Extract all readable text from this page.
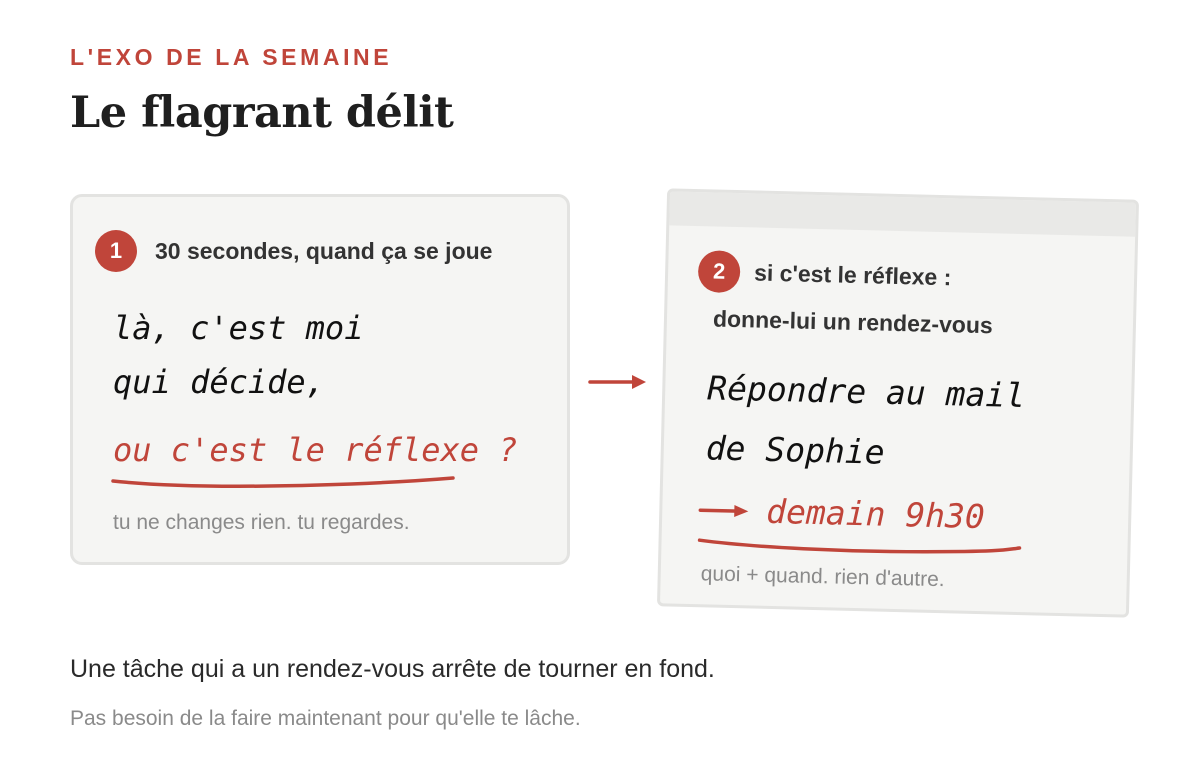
L'EXO DE LA SEMAINE
Le flagrant délit
1	30 secondes, quand ça se joue
là, c'est moi
qui décide,
ou c'est le réflexe ?
tu ne changes rien. tu regardes.
2	si c'est le réflexe :
donne-lui un rendez-vous
Répondre au mail
de Sophie
demain 9h30
quoi + quand. rien d'autre.
Une tâche qui a un rendez-vous arrête de tourner en fond.
Pas besoin de la faire maintenant pour qu'elle te lâche.
